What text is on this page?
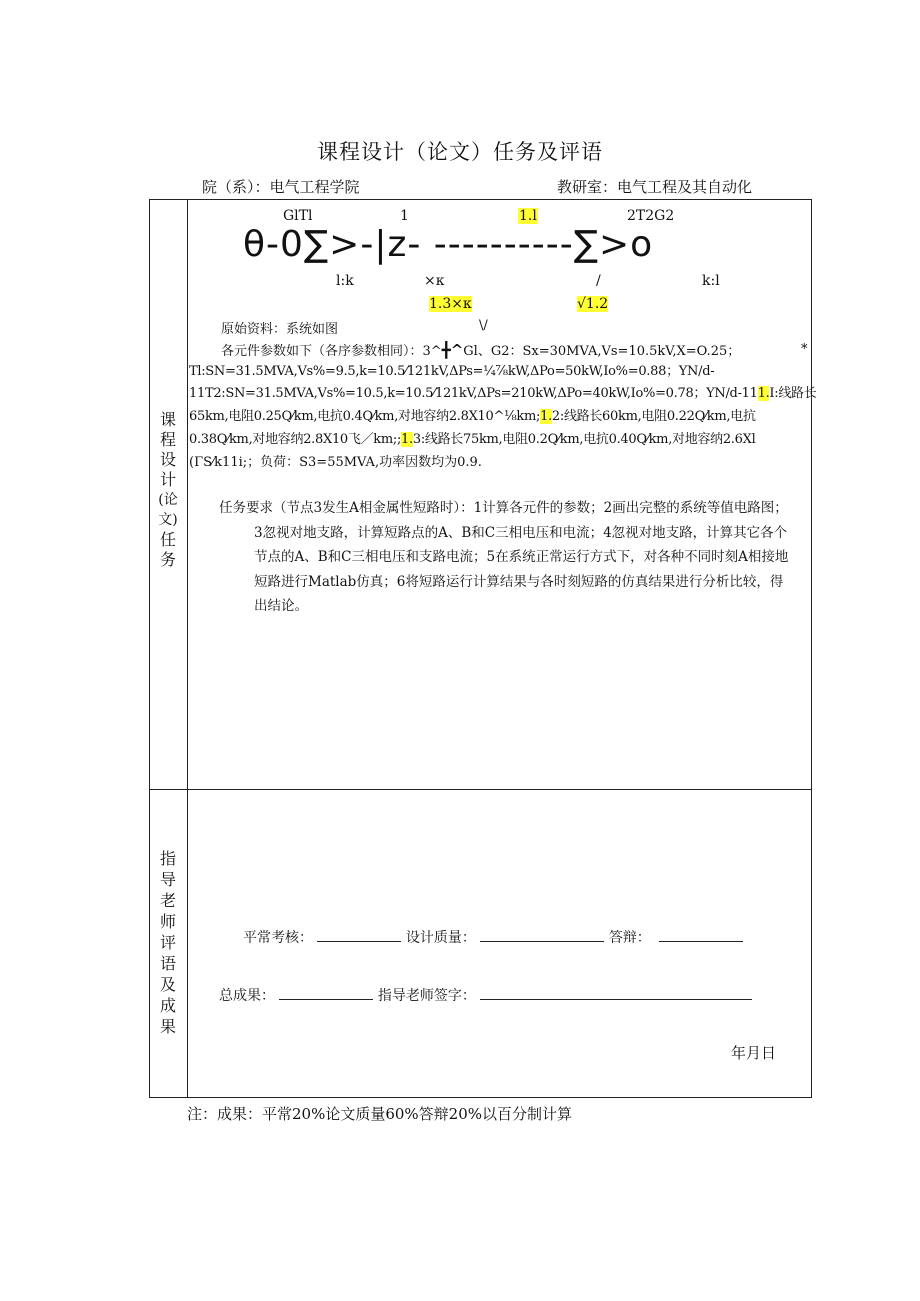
课程设计（论文）任务及评语
院（系）：电气工程学院	教研室：电气工程及其自动化
课
程
设
计
(论
文)
任
务
指
导
老
师
评
语
及
成
果
GlTl	1	1.l	2T2G2
θ-0∑>-|z- ----------∑>o
l:k	×κ	/	k:l
1.3×κ	√1.2
\/
原始资料：系统如图
各元件参数如下（各序参数相同）：3^╋^Gl、G2：Sx=30MVA,Vs=10.5kV,X=O.25；	*
Tl:SN=31.5MVA,Vs%=9.5,k=10.5⁄121kV,ΔPs=¼⅞kW,ΔPo=50kW,Io%=0.88；YN/d-
11T2:SN=31.5MVA,Vs%=10.5,k=10.5⁄121kV,ΔPs=210kW,ΔPo=40kW,Io%=0.78；YN/d-111.I:线路长
65km,电阻0.25Q⁄km,电抗0.4Q⁄km,对地容纳2.8X10^⅛km;1.2:线路长60km,电阻0.22Q⁄km,电抗
0.38Q⁄km,对地容纳2.8X10飞／km;;1.3:线路长75km,电阻0.2Q⁄km,电抗0.40Q⁄km,对地容纳2.6Xl
(ΓS⁄k11i;；负荷：S3=55MVA,功率因数均为0.9.
任务要求（节点3发生A相金属性短路时）：1计算各元件的参数；2画出完整的系统等值电路图；3忽视对地支路，计算短路点的A、B和C三相电压和电流；4忽视对地支路，计算其它各个节点的A、B和C三相电压和支路电流；5在系统正常运行方式下，对各种不同时刻A相接地短路进行Matlab仿真；6将短路运行计算结果与各时刻短路的仿真结果进行分析比较，得出结论。
平常考核：	设计质量：	答辩：
总成果：	指导老师签字：
年月日
注：成果：平常20%论文质量60%答辩20%以百分制计算
